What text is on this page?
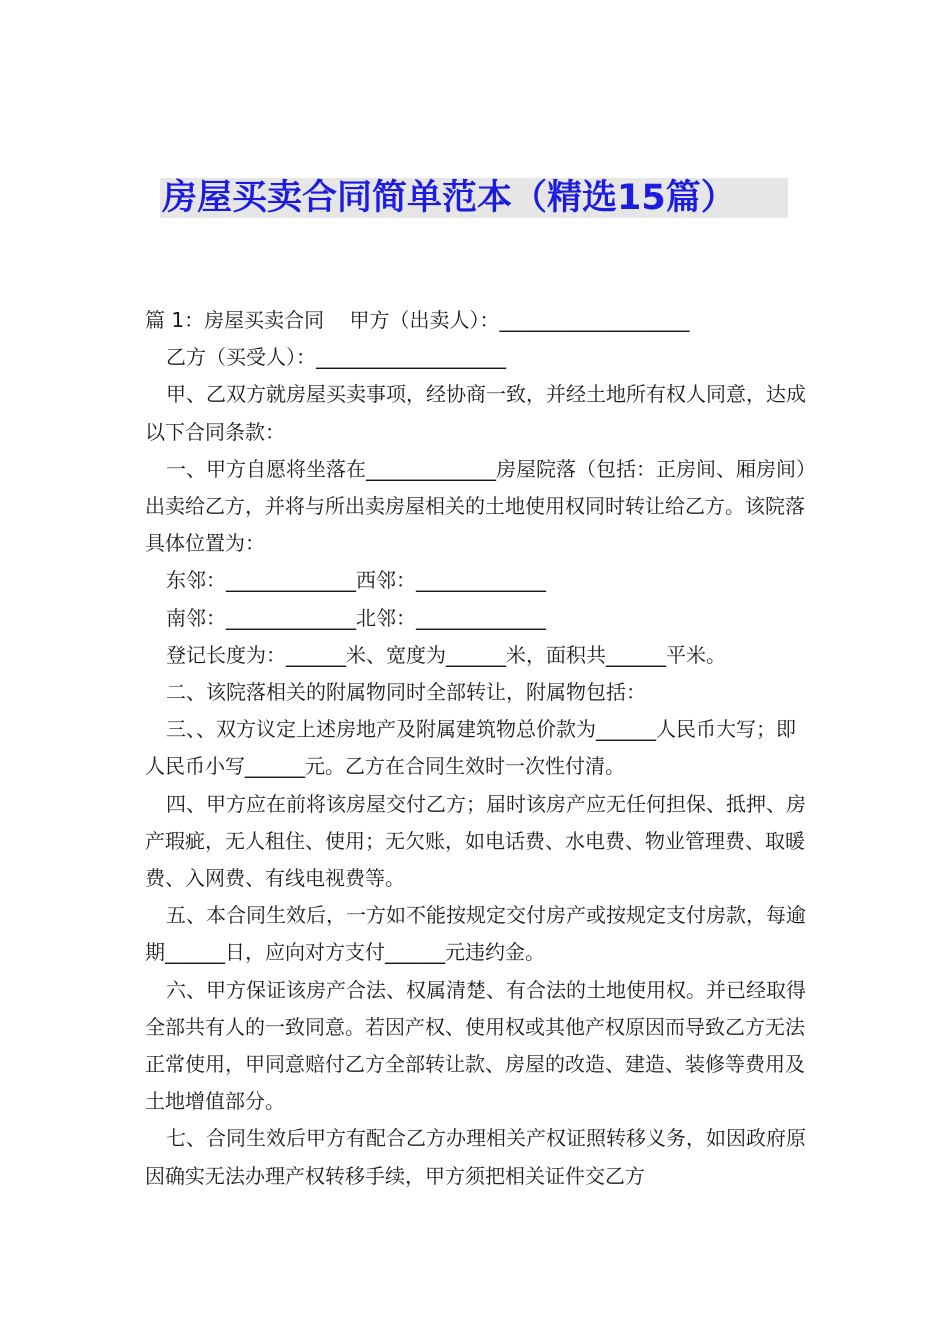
房屋买卖合同简单范本（精选15篇）

篇 1：房屋买卖合同    甲方（出卖人）：___________________

乙方（买受人）：___________________

甲、乙双方就房屋买卖事项，经协商一致，并经土地所有权人同意，达成以下合同条款：

一、甲方自愿将坐落在_____________房屋院落（包括：正房间、厢房间）出卖给乙方，并将与所出卖房屋相关的土地使用权同时转让给乙方。该院落具体位置为：

东邻：_____________西邻：_____________

南邻：_____________北邻：_____________

登记长度为：______米、宽度为______米，面积共______平米。

二、该院落相关的附属物同时全部转让，附属物包括：

三、、双方议定上述房地产及附属建筑物总价款为______人民币大写；即人民币小写______元。乙方在合同生效时一次性付清。

四、甲方应在前将该房屋交付乙方；届时该房产应无任何担保、抵押、房产瑕疵，无人租住、使用；无欠账，如电话费、水电费、物业管理费、取暖费、入网费、有线电视费等。

五、本合同生效后，一方如不能按规定交付房产或按规定支付房款，每逾期______日，应向对方支付______元违约金。

六、甲方保证该房产合法、权属清楚、有合法的土地使用权。并已经取得全部共有人的一致同意。若因产权、使用权或其他产权原因而导致乙方无法正常使用，甲同意赔付乙方全部转让款、房屋的改造、建造、装修等费用及土地增值部分。

七、合同生效后甲方有配合乙方办理相关产权证照转移义务，如因政府原因确实无法办理产权转移手续，甲方须把相关证件交乙方
